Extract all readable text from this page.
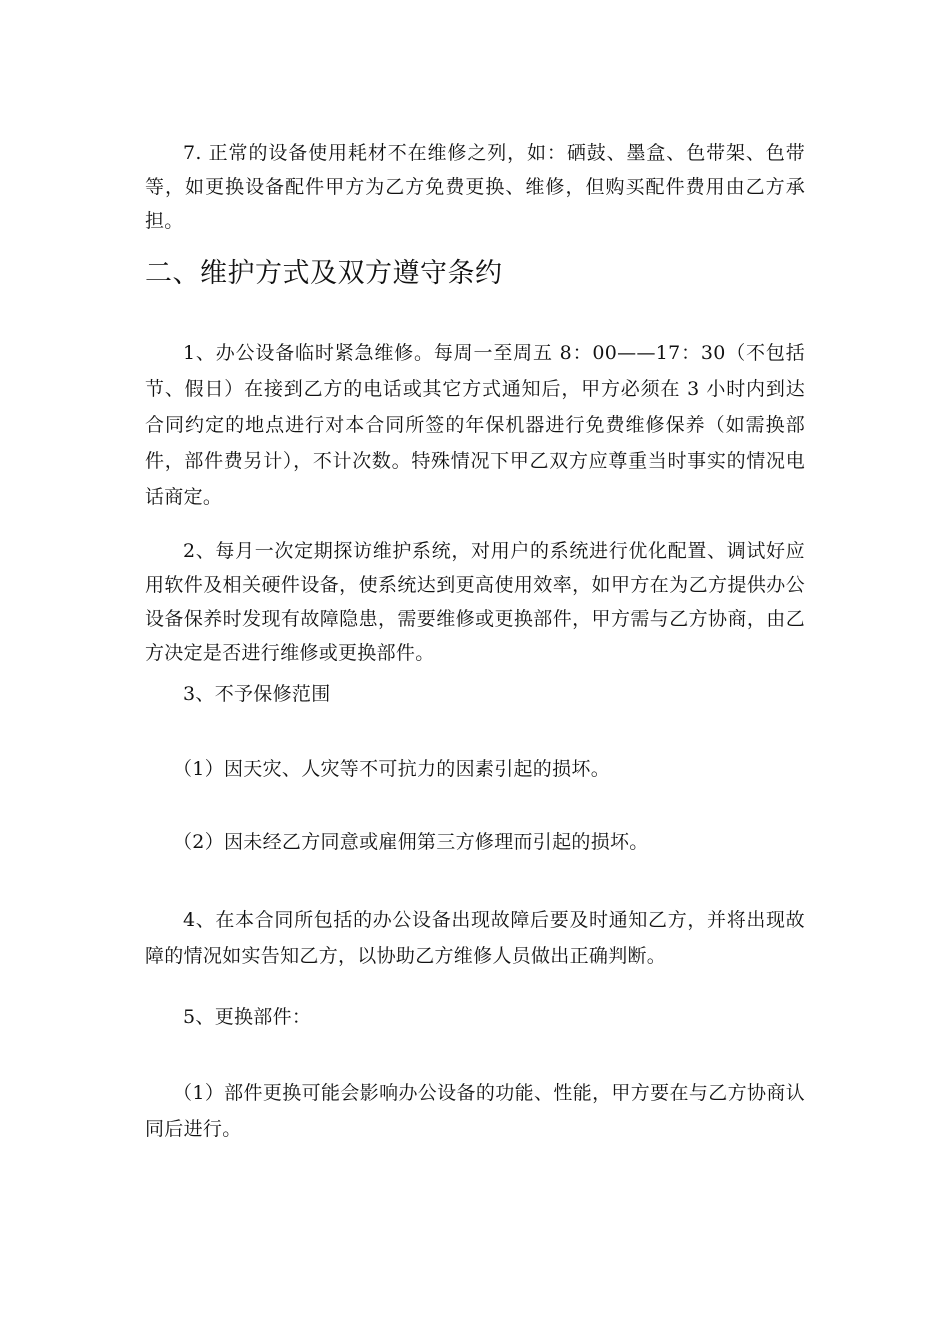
7. 正常的设备使用耗材不在维修之列，如：硒鼓、墨盒、色带架、色带等，如更换设备配件甲方为乙方免费更换、维修，但购买配件费用由乙方承担。

二、维护方式及双方遵守条约

1、办公设备临时紧急维修。每周一至周五 8：00——17：30（不包括节、假日）在接到乙方的电话或其它方式通知后，甲方必须在 3 小时内到达合同约定的地点进行对本合同所签的年保机器进行免费维修保养（如需换部件，部件费另计），不计次数。特殊情况下甲乙双方应尊重当时事实的情况电话商定。

2、每月一次定期探访维护系统，对用户的系统进行优化配置、调试好应用软件及相关硬件设备，使系统达到更高使用效率，如甲方在为乙方提供办公设备保养时发现有故障隐患，需要维修或更换部件，甲方需与乙方协商，由乙方决定是否进行维修或更换部件。

3、不予保修范围

（1）因天灾、人灾等不可抗力的因素引起的损坏。

（2）因未经乙方同意或雇佣第三方修理而引起的损坏。

4、在本合同所包括的办公设备出现故障后要及时通知乙方，并将出现故障的情况如实告知乙方，以协助乙方维修人员做出正确判断。

5、更换部件：

（1）部件更换可能会影响办公设备的功能、性能，甲方要在与乙方协商认同后进行。
